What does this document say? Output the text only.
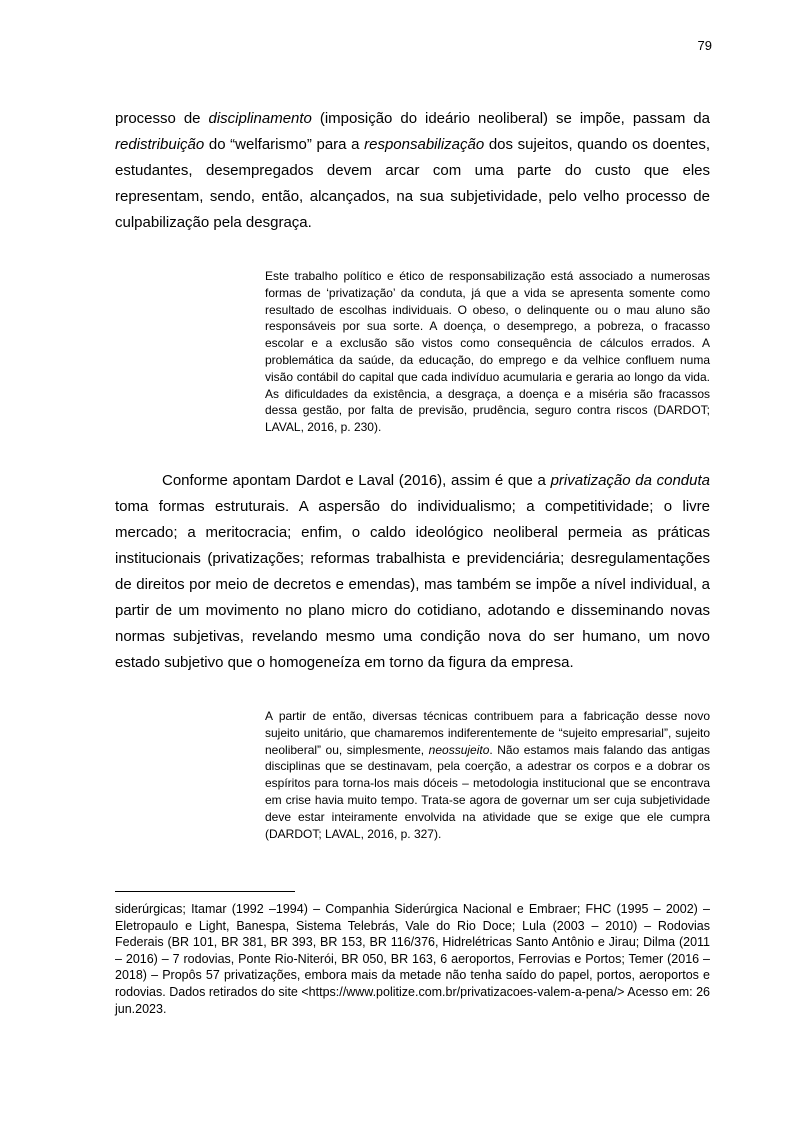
79

processo de disciplinamento (imposição do ideário neoliberal) se impõe, passam da redistribuição do “welfarismo” para a responsabilização dos sujeitos, quando os doentes, estudantes, desempregados devem arcar com uma parte do custo que eles representam, sendo, então, alcançados, na sua subjetividade, pelo velho processo de culpabilização pela desgraça.

Este trabalho político e ético de responsabilização está associado a numerosas formas de ‘privatização’ da conduta, já que a vida se apresenta somente como resultado de escolhas individuais. O obeso, o delinquente ou o mau aluno são responsáveis por sua sorte. A doença, o desemprego, a pobreza, o fracasso escolar e a exclusão são vistos como consequência de cálculos errados. A problemática da saúde, da educação, do emprego e da velhice confluem numa visão contábil do capital que cada indivíduo acumularia e geraria ao longo da vida. As dificuldades da existência, a desgraça, a doença e a miséria são fracassos dessa gestão, por falta de previsão, prudência, seguro contra riscos (DARDOT; LAVAL, 2016, p. 230).

Conforme apontam Dardot e Laval (2016), assim é que a privatização da conduta toma formas estruturais. A aspersão do individualismo; a competitividade; o livre mercado; a meritocracia; enfim, o caldo ideológico neoliberal permeia as práticas institucionais (privatizações; reformas trabalhista e previdenciária; desregulamentações de direitos por meio de decretos e emendas), mas também se impõe a nível individual, a partir de um movimento no plano micro do cotidiano, adotando e disseminando novas normas subjetivas, revelando mesmo uma condição nova do ser humano, um novo estado subjetivo que o homogeneíza em torno da figura da empresa.

A partir de então, diversas técnicas contribuem para a fabricação desse novo sujeito unitário, que chamaremos indiferentemente de “sujeito empresarial”, sujeito neoliberal” ou, simplesmente, neossujeito. Não estamos mais falando das antigas disciplinas que se destinavam, pela coerção, a adestrar os corpos e a dobrar os espíritos para torna-los mais dóceis – metodologia institucional que se encontrava em crise havia muito tempo. Trata-se agora de governar um ser cuja subjetividade deve estar inteiramente envolvida na atividade que se exige que ele cumpra (DARDOT; LAVAL, 2016, p. 327).
siderúrgicas; Itamar (1992 –1994) – Companhia Siderúrgica Nacional e Embraer; FHC (1995 – 2002) – Eletropaulo e Light, Banespa, Sistema Telebrás, Vale do Rio Doce; Lula (2003 – 2010) – Rodovias Federais (BR 101, BR 381, BR 393, BR 153, BR 116/376, Hidrelétricas Santo Antônio e Jirau; Dilma (2011 – 2016) – 7 rodovias, Ponte Rio-Niterói, BR 050, BR 163, 6 aeroportos, Ferrovias e Portos; Temer (2016 – 2018) – Propôs 57 privatizações, embora mais da metade não tenha saído do papel, portos, aeroportos e rodovias. Dados retirados do site <https://www.politize.com.br/privatizacoes-valem-a-pena/> Acesso em: 26 jun.2023.
